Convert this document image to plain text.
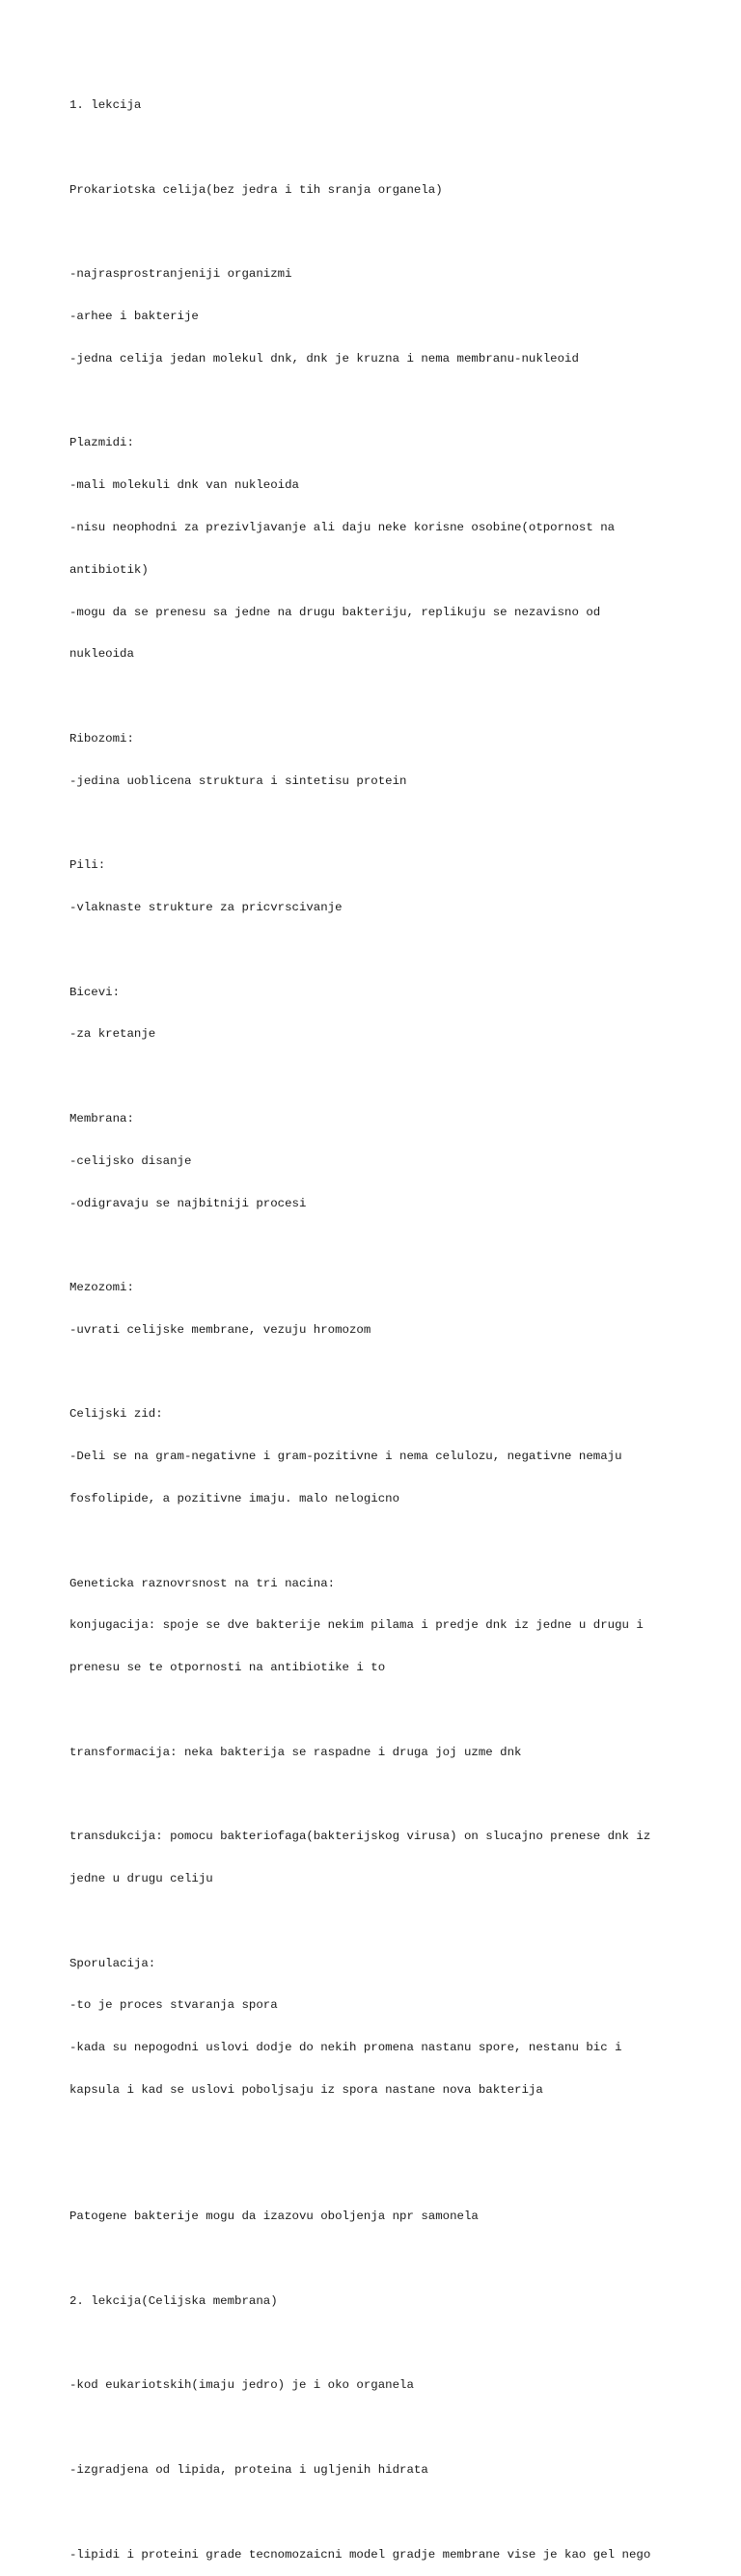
1. lekcija

Prokariotska celija(bez jedra i tih sranja organela)

-najrasprostranjeniji organizmi

-arhee i bakterije

-jedna celija jedan molekul dnk, dnk je kruzna i nema membranu-nukleoid

Plazmidi:

-mali molekuli dnk van nukleoida

-nisu neophodni za prezivljavanje ali daju neke korisne osobine(otpornost na

antibiotik)

-mogu da se prenesu sa jedne na drugu bakteriju, replikuju se nezavisno od

nukleoida

Ribozomi:

-jedina uoblicena struktura i sintetisu protein

Pili:

-vlaknaste strukture za pricvrscivanje

Bicevi:

-za kretanje

Membrana:

-celijsko disanje

-odigravaju se najbitniji procesi

Mezozomi:

-uvrati celijske membrane, vezuju hromozom

Celijski zid:

-Deli se na gram-negativne i gram-pozitivne i nema celulozu, negativne nemaju

fosfolipide, a pozitivne imaju. malo nelogicno

Geneticka raznovrsnost na tri nacina:

konjugacija: spoje se dve bakterije nekim pilama i predje dnk iz jedne u drugu i

prenesu se te otpornosti na antibiotike i to

transformacija: neka bakterija se raspadne i druga joj uzme dnk

transdukcija: pomocu bakteriofaga(bakterijskog virusa) on slucajno prenese dnk iz

jedne u drugu celiju

Sporulacija:

-to je proces stvaranja spora

-kada su nepogodni uslovi dodje do nekih promena nastanu spore, nestanu bic i

kapsula i kad se uslovi poboljsaju iz spora nastane nova bakterija

Patogene bakterije mogu da izazovu oboljenja npr samonela

2. lekcija(Celijska membrana)

-kod eukariotskih(imaju jedro) je i oko organela

-izgradjena od lipida, proteina i ugljenih hidrata

-lipidi i proteini grade tecnomozaicni model gradje membrane vise je kao gel nego
